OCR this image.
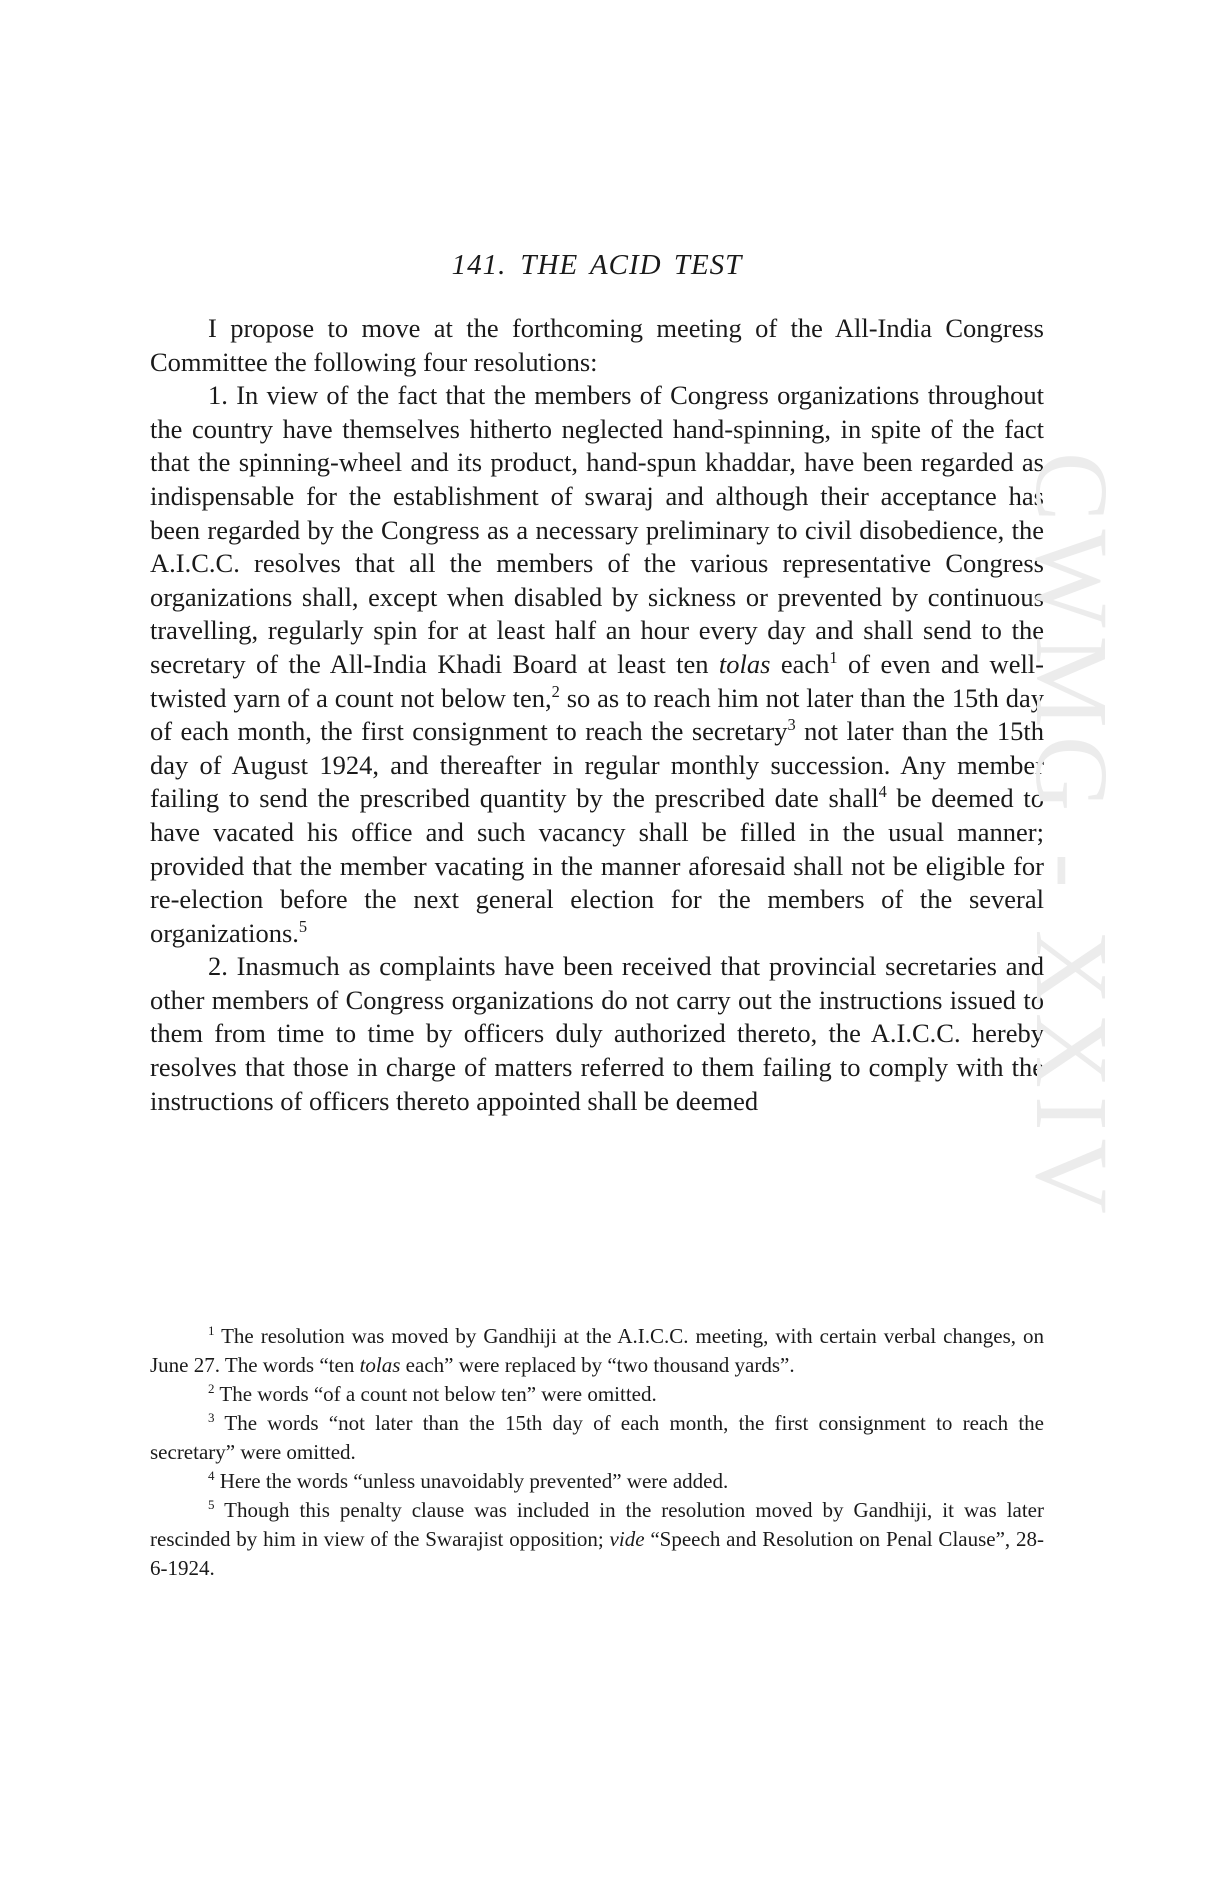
141. THE ACID TEST

I propose to move at the forthcoming meeting of the All-India Congress Committee the following four resolutions:

1. In view of the fact that the members of Congress organizations throughout the country have themselves hitherto neglected hand-spinning, in spite of the fact that the spinning-wheel and its product, hand-spun khaddar, have been regarded as indispensable for the establishment of swaraj and although their acceptance has been regarded by the Congress as a necessary preliminary to civil disobedience, the A.I.C.C. resolves that all the members of the various representative Congress organizations shall, except when disabled by sickness or prevented by continuous travelling, regularly spin for at least half an hour every day and shall send to the secretary of the All-India Khadi Board at least ten tolas each$^1$ of even and well-twisted yarn of a count not below ten,$^2$ so as to reach him not later than the 15th day of each month, the first consignment to reach the secretary$^3$ not later than the 15th day of August 1924, and thereafter in regular monthly succession. Any member failing to send the prescribed quantity by the prescribed date shall$^4$ be deemed to have vacated his office and such vacancy shall be filled in the usual manner; provided that the member vacating in the manner aforesaid shall not be eligible for re-election before the next general election for the members of the several organizations.$^5$

2. Inasmuch as complaints have been received that provincial secretaries and other members of Congress organizations do not carry out the instructions issued to them from time to time by officers duly authorized thereto, the A.I.C.C. hereby resolves that those in charge of matters referred to them failing to comply with the instructions of officers thereto appointed shall be deemed

$^1$ The resolution was moved by Gandhiji at the A.I.C.C. meeting, with certain verbal changes, on June 27. The words “ten tolas each” were replaced by “two thousand yards”.

$^2$ The words “of a count not below ten” were omitted.

$^3$ The words “not later than the 15th day of each month, the first consignment to reach the secretary” were omitted.

$^4$ Here the words “unless unavoidably prevented” were added.

$^5$ Though this penalty clause was included in the resolution moved by Gandhiji, it was later rescinded by him in view of the Swarajist opposition; vide “Speech and Resolution on Penal Clause”, 28-6-1924.

CWMG - XXIV
